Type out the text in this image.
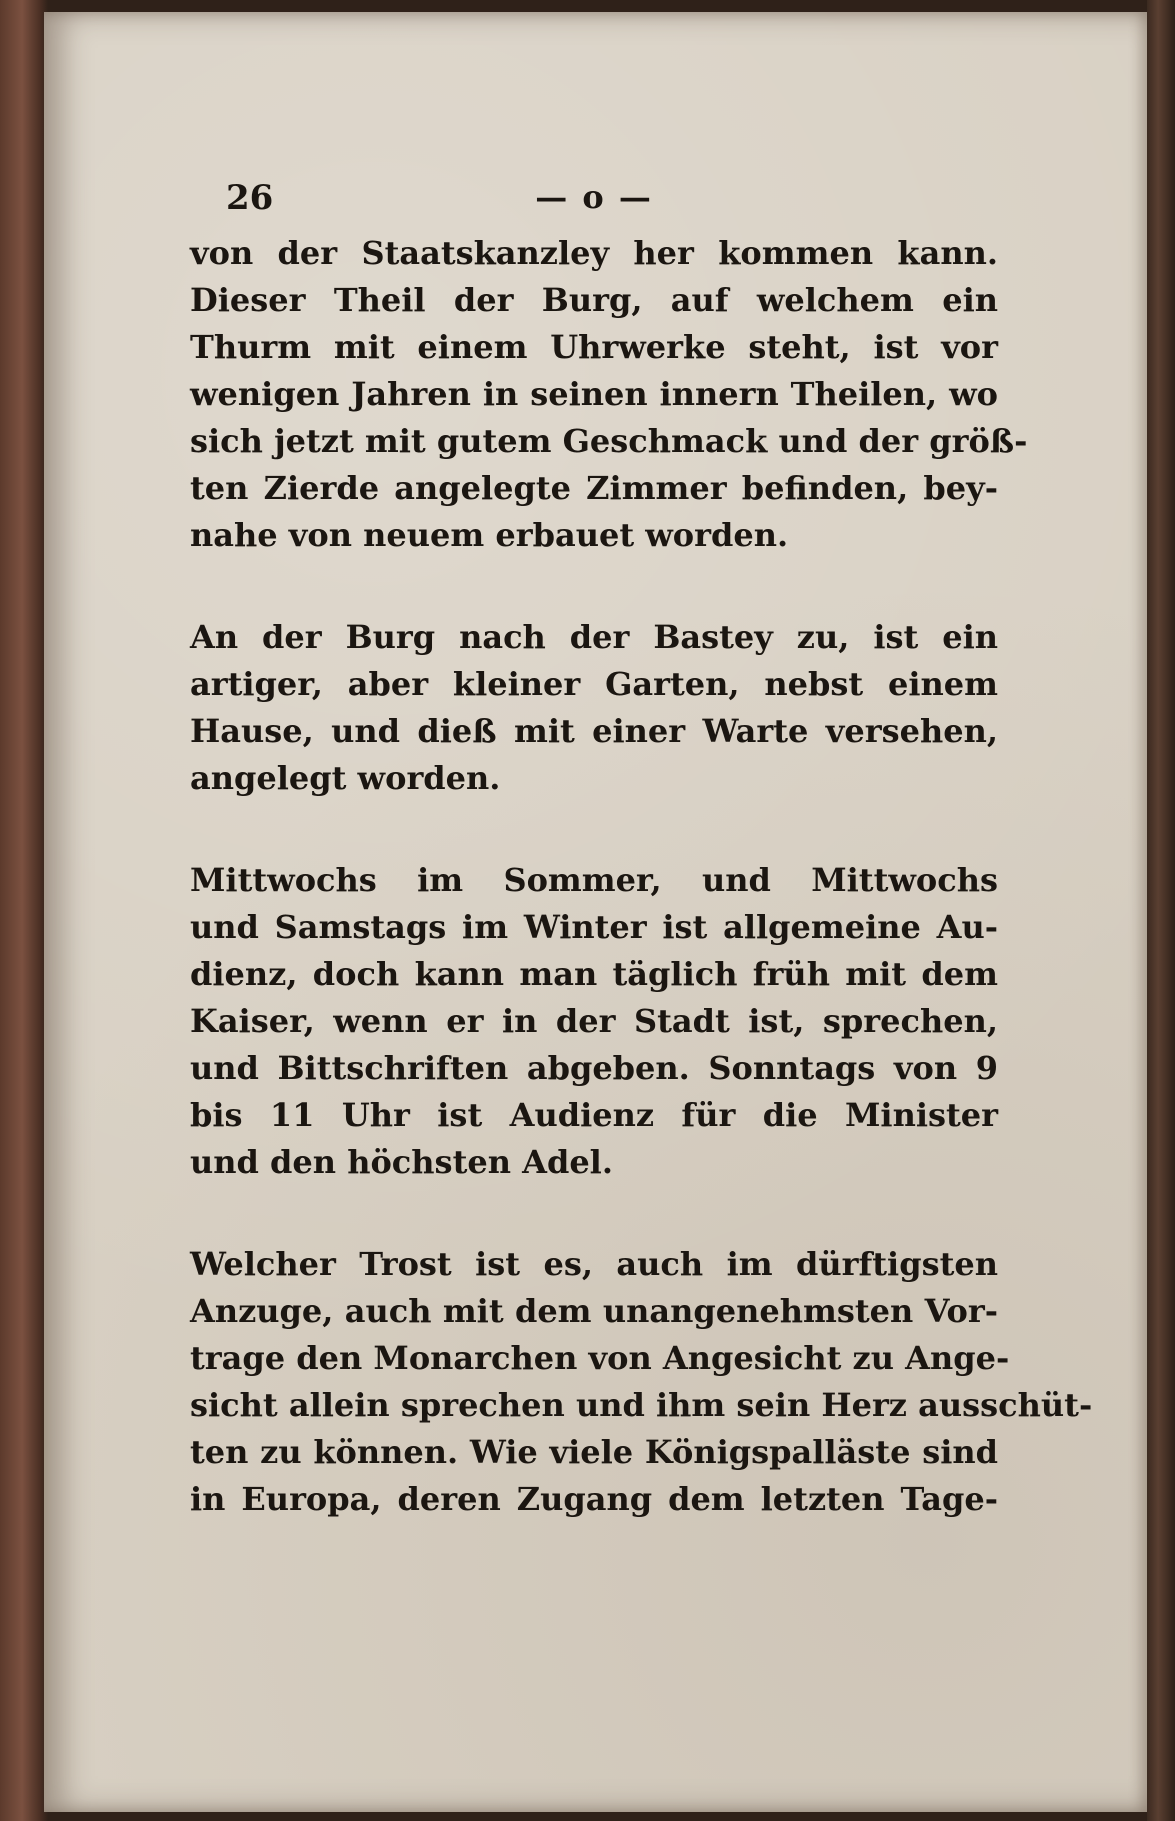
26	— o —
von der Staatskanzley her kommen kann.
Dieser Theil der Burg, auf welchem ein
Thurm mit einem Uhrwerke steht, ist vor
wenigen Jahren in seinen innern Theilen, wo
sich jetzt mit gutem Geschmack und der größ-
ten Zierde angelegte Zimmer befinden, bey-
nahe von neuem erbauet worden.
An der Burg nach der Bastey zu, ist ein
artiger, aber kleiner Garten, nebst einem
Hause, und dieß mit einer Warte versehen,
angelegt worden.
Mittwochs im Sommer, und Mittwochs
und Samstags im Winter ist allgemeine Au-
dienz, doch kann man täglich früh mit dem
Kaiser, wenn er in der Stadt ist, sprechen,
und Bittschriften abgeben. Sonntags von 9
bis 11 Uhr ist Audienz für die Minister
und den höchsten Adel.
Welcher Trost ist es, auch im dürftigsten
Anzuge, auch mit dem unangenehmsten Vor-
trage den Monarchen von Angesicht zu Ange-
sicht allein sprechen und ihm sein Herz ausschüt-
ten zu können. Wie viele Königspalläste sind
in Europa, deren Zugang dem letzten Tage-
